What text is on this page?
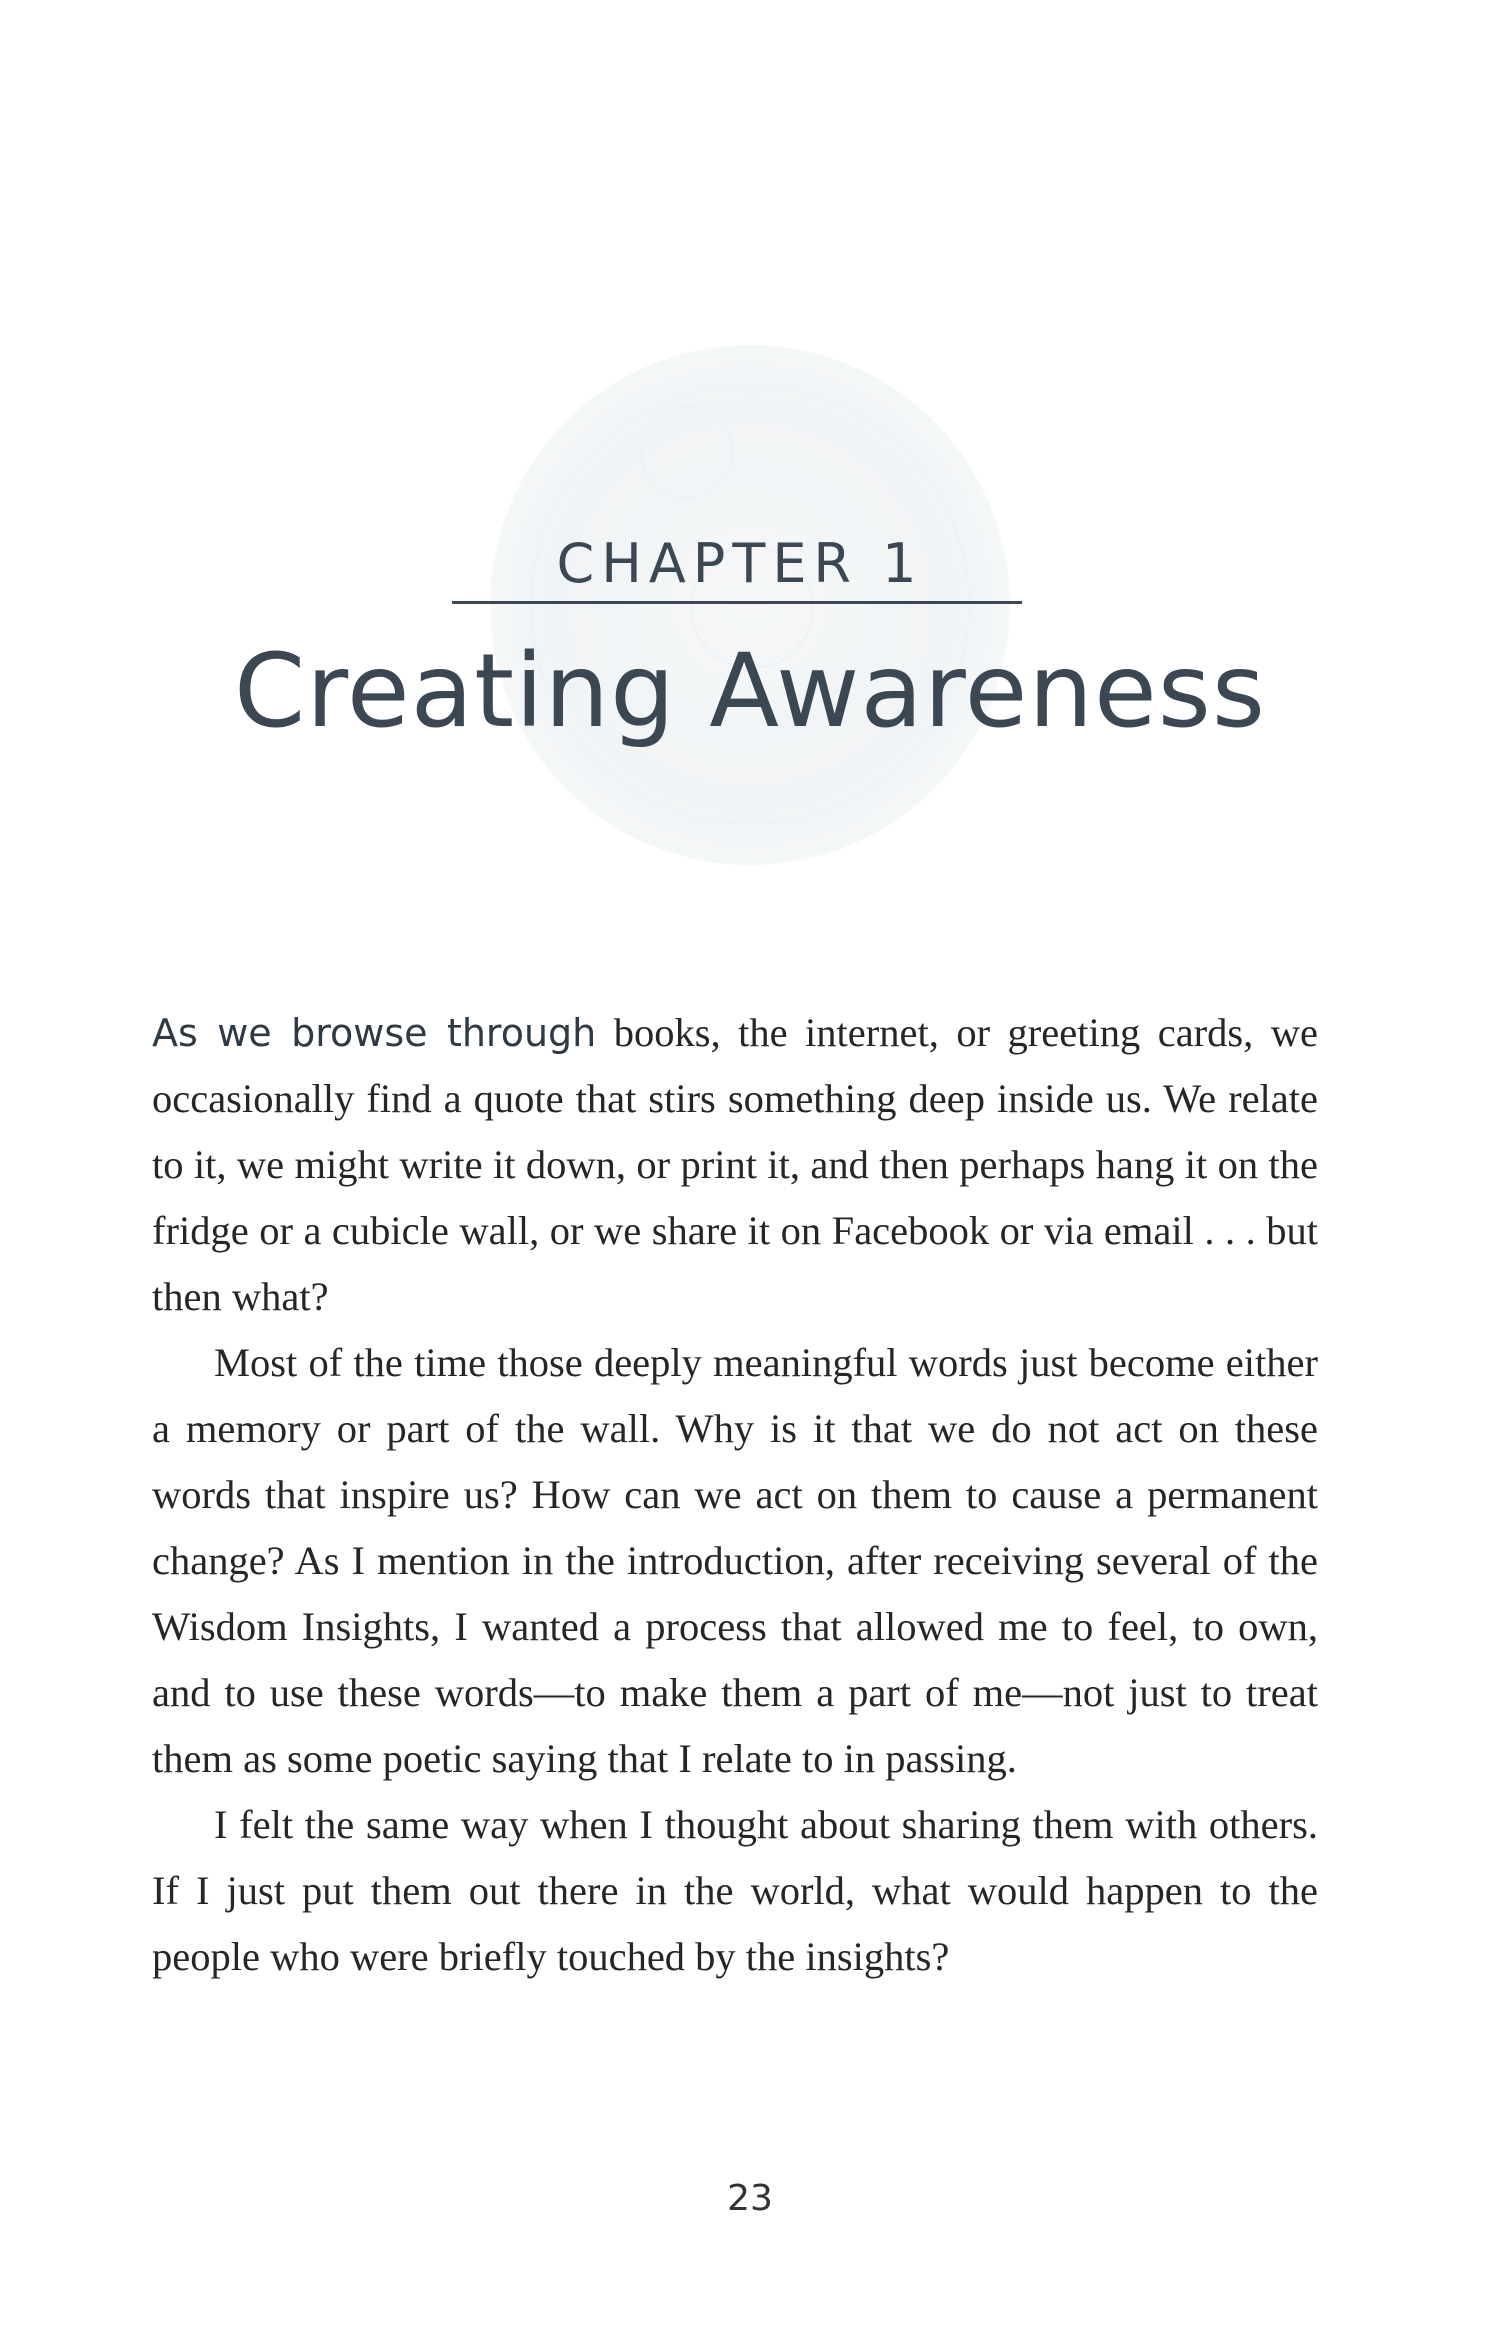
CHAPTER 1
Creating Awareness

As we browse through books, the internet, or greeting cards, we occasionally find a quote that stirs something deep inside us. We relate to it, we might write it down, or print it, and then perhaps hang it on the fridge or a cubicle wall, or we share it on Facebook or via email . . . but then what?

Most of the time those deeply meaningful words just become either a memory or part of the wall. Why is it that we do not act on these words that inspire us? How can we act on them to cause a permanent change? As I mention in the introduction, after receiving several of the Wisdom Insights, I wanted a process that allowed me to feel, to own, and to use these words—to make them a part of me—not just to treat them as some poetic saying that I relate to in passing.

I felt the same way when I thought about sharing them with others. If I just put them out there in the world, what would happen to the people who were briefly touched by the insights?

23
